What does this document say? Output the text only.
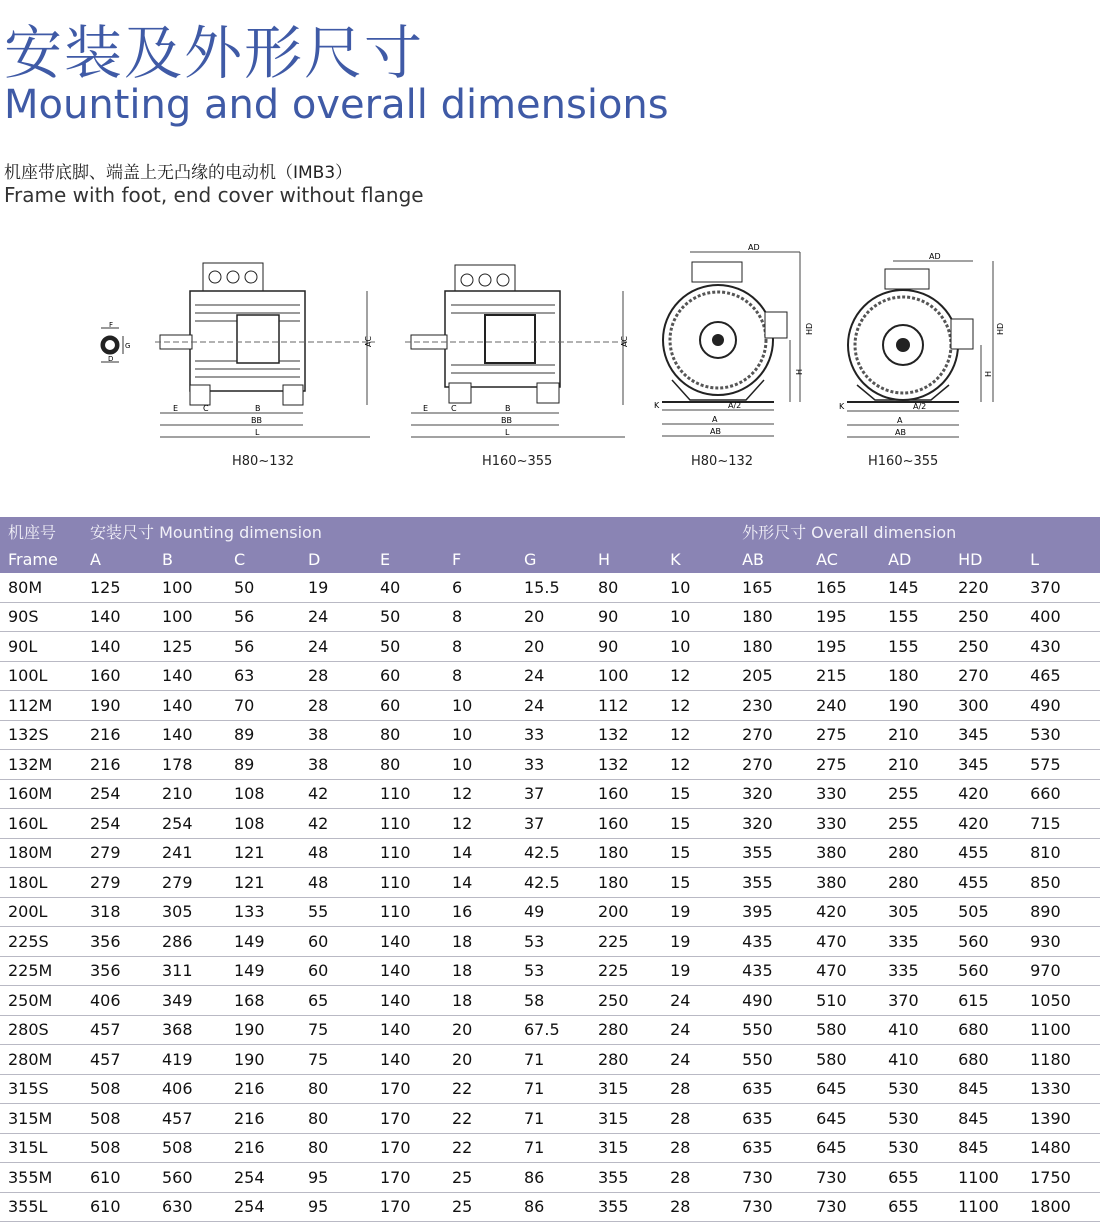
安装及外形尺寸
Mounting and overall dimensions
机座带底脚、端盖上无凸缘的电动机（IMB3）
Frame with foot, end cover without flange
F
G
D
AC
E	C	B
BB
L
AC
E	C	B
BB
L
AD
HD
H
K	A/2
A
AB
AD
HD
H
K	A/2
A
AB
H80~132	H160~355	H80~132	H160~355
机座号	安装尺寸 Mounting dimension									外形尺寸 Overall dimension				
Frame	A	B	C	D	E	F	G	H	K	AB	AC	AD	HD	L
80M	125	100	50	19	40	6	15.5	80	10	165	165	145	220	370
90S	140	100	56	24	50	8	20	90	10	180	195	155	250	400
90L	140	125	56	24	50	8	20	90	10	180	195	155	250	430
100L	160	140	63	28	60	8	24	100	12	205	215	180	270	465
112M	190	140	70	28	60	10	24	112	12	230	240	190	300	490
132S	216	140	89	38	80	10	33	132	12	270	275	210	345	530
132M	216	178	89	38	80	10	33	132	12	270	275	210	345	575
160M	254	210	108	42	110	12	37	160	15	320	330	255	420	660
160L	254	254	108	42	110	12	37	160	15	320	330	255	420	715
180M	279	241	121	48	110	14	42.5	180	15	355	380	280	455	810
180L	279	279	121	48	110	14	42.5	180	15	355	380	280	455	850
200L	318	305	133	55	110	16	49	200	19	395	420	305	505	890
225S	356	286	149	60	140	18	53	225	19	435	470	335	560	930
225M	356	311	149	60	140	18	53	225	19	435	470	335	560	970
250M	406	349	168	65	140	18	58	250	24	490	510	370	615	1050
280S	457	368	190	75	140	20	67.5	280	24	550	580	410	680	1100
280M	457	419	190	75	140	20	71	280	24	550	580	410	680	1180
315S	508	406	216	80	170	22	71	315	28	635	645	530	845	1330
315M	508	457	216	80	170	22	71	315	28	635	645	530	845	1390
315L	508	508	216	80	170	22	71	315	28	635	645	530	845	1480
355M	610	560	254	95	170	25	86	355	28	730	730	655	1100	1750
355L	610	630	254	95	170	25	86	355	28	730	730	655	1100	1800
